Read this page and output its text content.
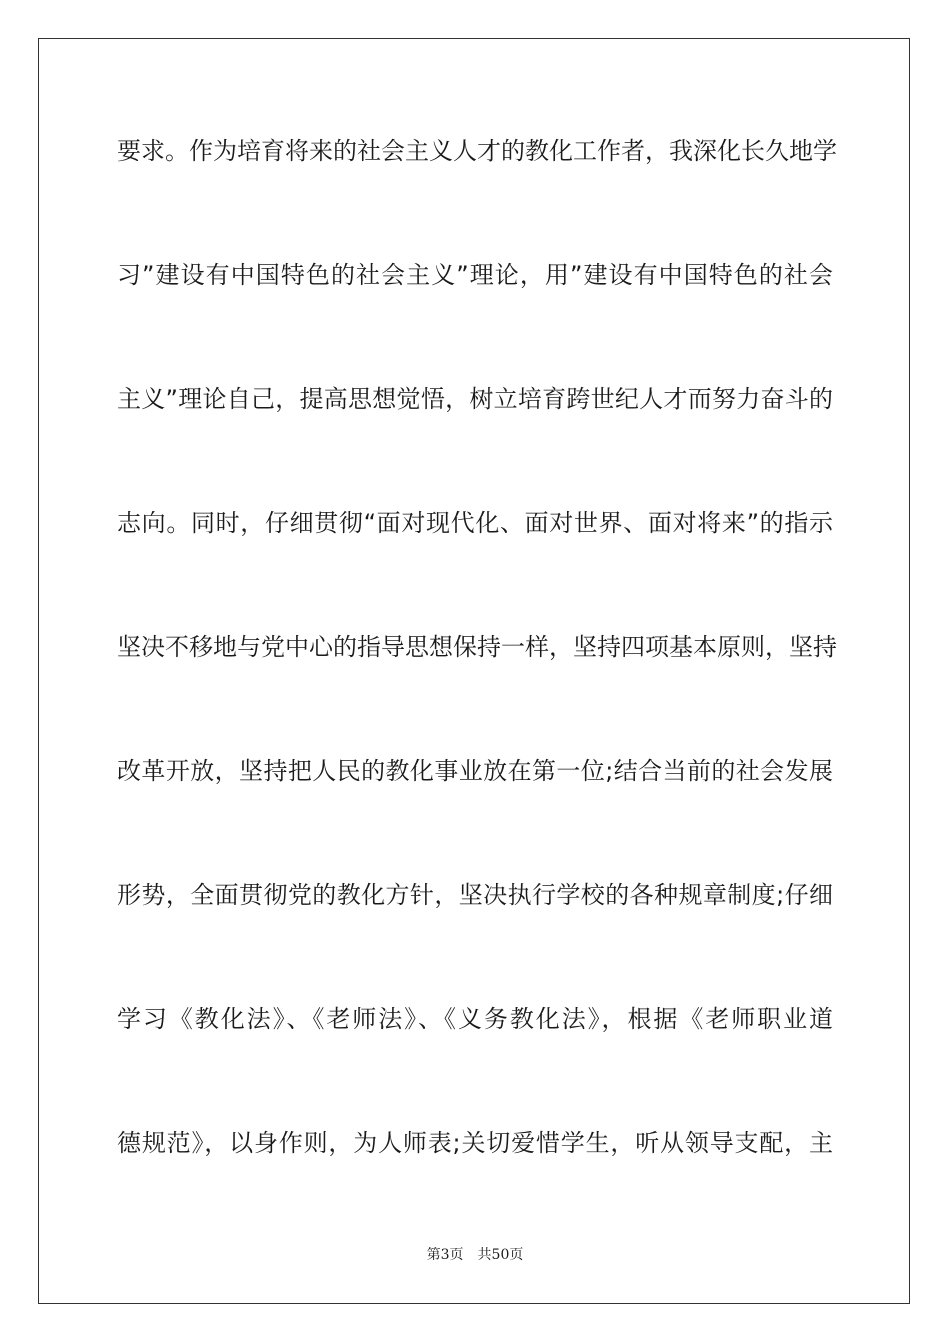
要求。作为培育将来的社会主义人才的教化工作者，我深化长久地学
习”建设有中国特色的社会主义”理论，用”建设有中国特色的社会
主义”理论自己，提高思想觉悟，树立培育跨世纪人才而努力奋斗的
志向。同时，仔细贯彻“面对现代化、面对世界、面对将来”的指示
坚决不移地与党中心的指导思想保持一样，坚持四项基本原则，坚持
改革开放，坚持把人民的教化事业放在第一位;结合当前的社会发展
形势，全面贯彻党的教化方针，坚决执行学校的各种规章制度;仔细
学习《教化法》、《老师法》、《义务教化法》，根据《老师职业道
德规范》，以身作则，为人师表;关切爱惜学生，听从领导支配，主
第3页 共50页
